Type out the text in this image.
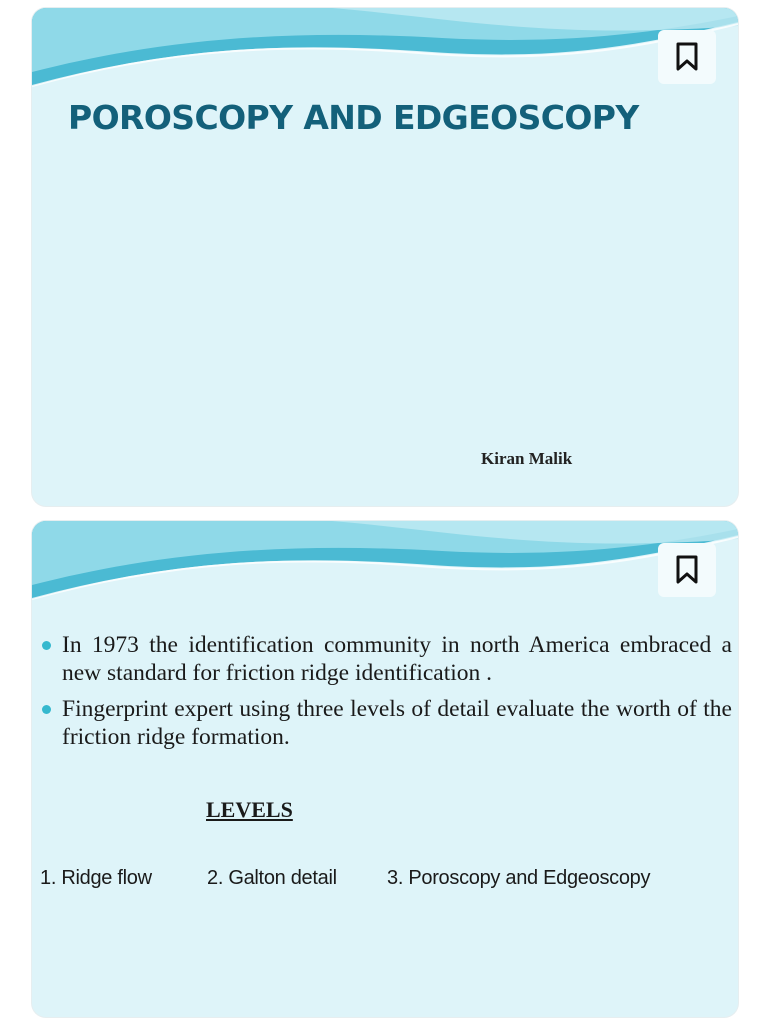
POROSCOPY AND EDGEOSCOPY
Kiran Malik
In 1973 the identification community in north America embraced a new standard for friction ridge identification .
Fingerprint expert using three levels of detail evaluate the worth of the friction ridge formation.
LEVELS
1. Ridge flow	2. Galton detail	3. Poroscopy and Edgeoscopy
